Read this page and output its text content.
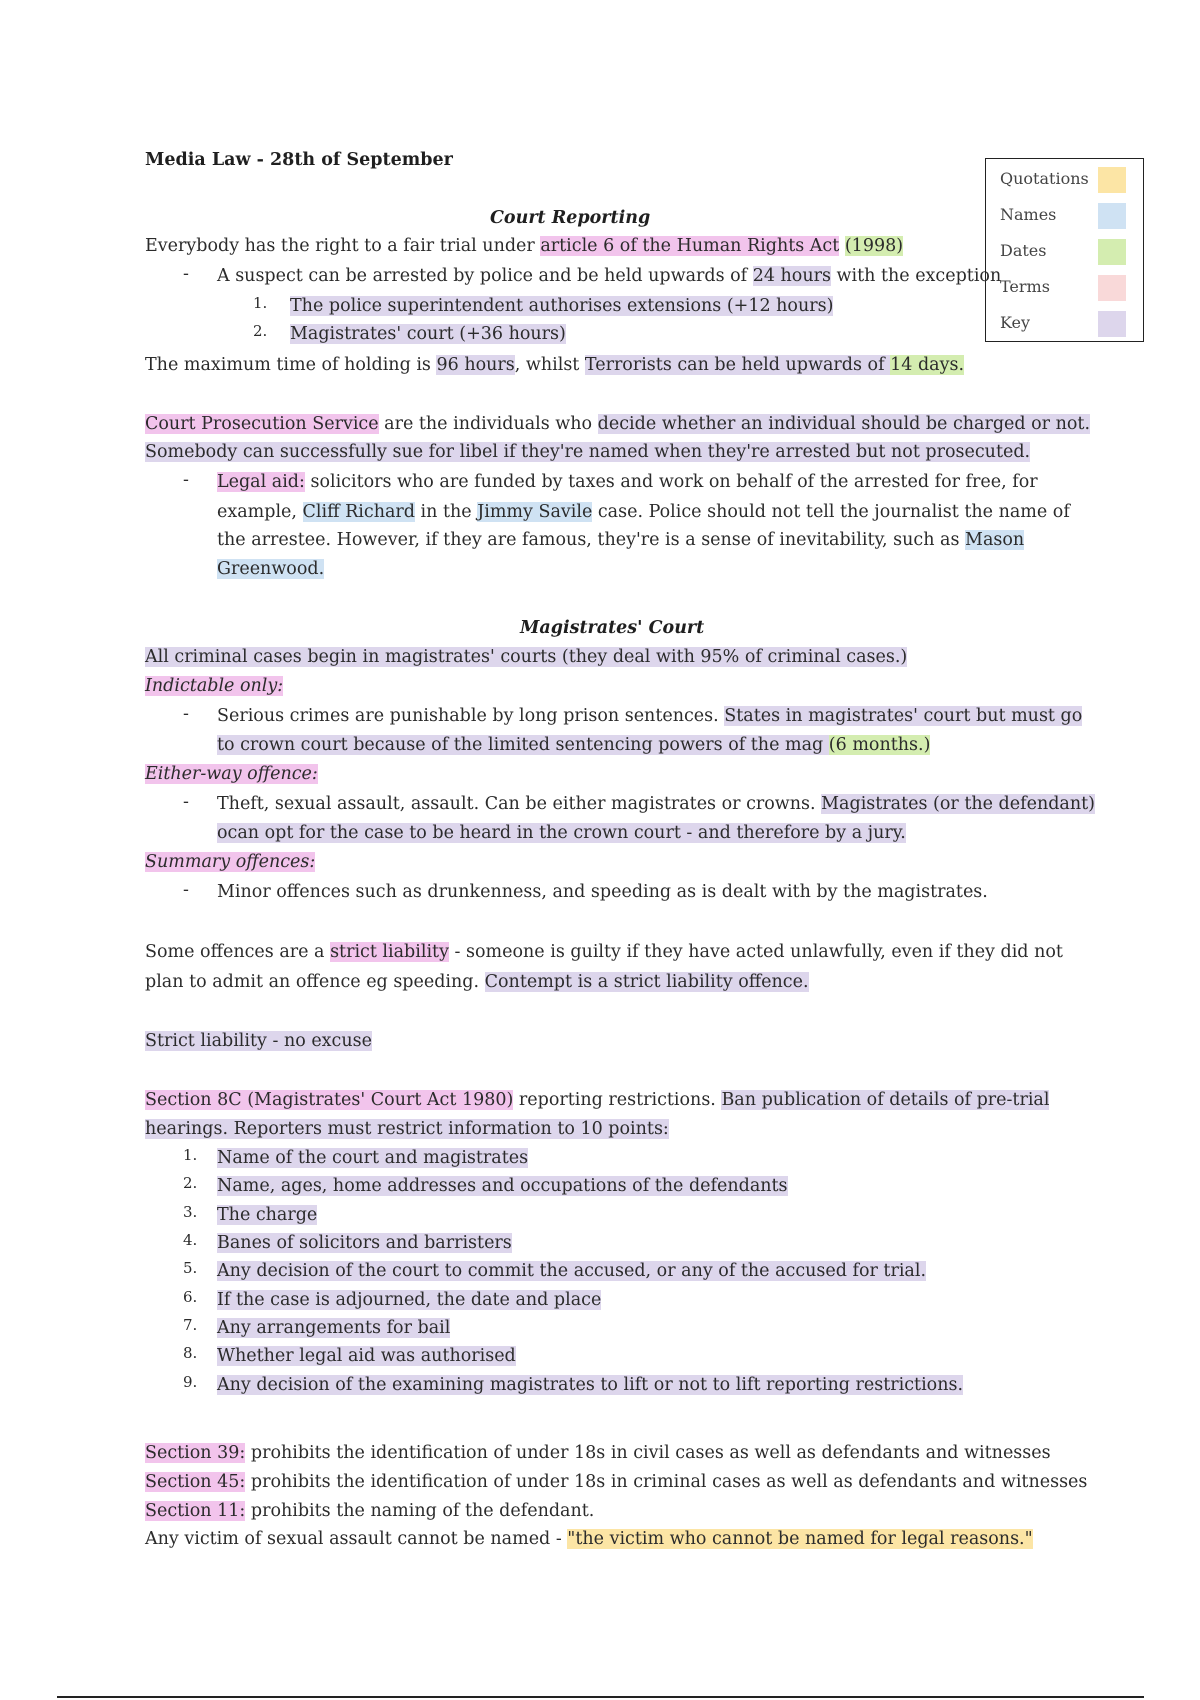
Media Law - 28th of September
Quotations
Names
Dates
Terms
Key
Court Reporting
Everybody has the right to a fair trial under article 6 of the Human Rights Act (1998)
- A suspect can be arrested by police and be held upwards of 24 hours with the exception
1. The police superintendent authorises extensions (+12 hours)
2. Magistrates' court (+36 hours)
The maximum time of holding is 96 hours, whilst Terrorists can be held upwards of 14 days.
Court Prosecution Service are the individuals who decide whether an individual should be charged or not.
Somebody can successfully sue for libel if they're named when they're arrested but not prosecuted.
- Legal aid: solicitors who are funded by taxes and work on behalf of the arrested for free, for
example, Cliff Richard in the Jimmy Savile case. Police should not tell the journalist the name of
the arrestee. However, if they are famous, they're is a sense of inevitability, such as Mason
Greenwood.
Magistrates' Court
All criminal cases begin in magistrates' courts (they deal with 95% of criminal cases.)
Indictable only:
- Serious crimes are punishable by long prison sentences. States in magistrates' court but must go
to crown court because of the limited sentencing powers of the mag (6 months.)
Either-way offence:
- Theft, sexual assault, assault. Can be either magistrates or crowns. Magistrates (or the defendant)
ocan opt for the case to be heard in the crown court - and therefore by a jury.
Summary offences:
- Minor offences such as drunkenness, and speeding as is dealt with by the magistrates.
Some offences are a strict liability - someone is guilty if they have acted unlawfully, even if they did not
plan to admit an offence eg speeding. Contempt is a strict liability offence.
Strict liability - no excuse
Section 8C (Magistrates' Court Act 1980) reporting restrictions. Ban publication of details of pre-trial
hearings. Reporters must restrict information to 10 points:
1. Name of the court and magistrates
2. Name, ages, home addresses and occupations of the defendants
3. The charge
4. Banes of solicitors and barristers
5. Any decision of the court to commit the accused, or any of the accused for trial.
6. If the case is adjourned, the date and place
7. Any arrangements for bail
8. Whether legal aid was authorised
9. Any decision of the examining magistrates to lift or not to lift reporting restrictions.
Section 39: prohibits the identification of under 18s in civil cases as well as defendants and witnesses
Section 45: prohibits the identification of under 18s in criminal cases as well as defendants and witnesses
Section 11: prohibits the naming of the defendant.
Any victim of sexual assault cannot be named - "the victim who cannot be named for legal reasons."
